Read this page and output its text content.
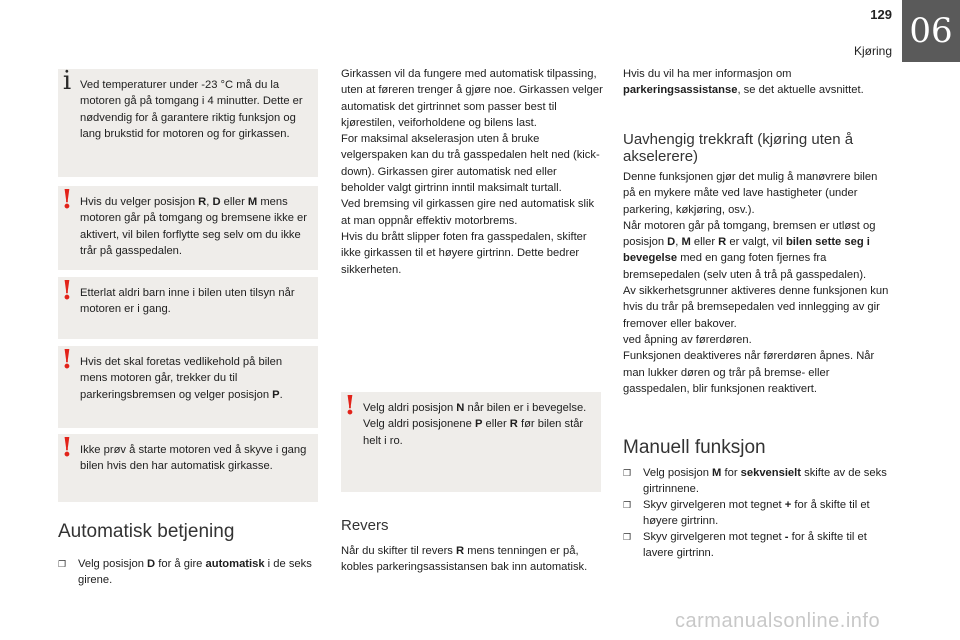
129
Kjøring 06
i Ved temperaturer under -23 °C må du la motoren gå på tomgang i 4 minutter. Dette er nødvendig for å garantere riktig funksjon og lang brukstid for motoren og for girkassen.
! Hvis du velger posisjon R, D eller M mens motoren går på tomgang og bremsene ikke er aktivert, vil bilen forflytte seg selv om du ikke trår på gasspedalen.
! Etterlat aldri barn inne i bilen uten tilsyn når motoren er i gang.
! Hvis det skal foretas vedlikehold på bilen mens motoren går, trekker du til parkeringsbremsen og velger posisjon P.
! Ikke prøv å starte motoren ved å skyve i gang bilen hvis den har automatisk girkasse.
Automatisk betjening
❒ Velg posisjon D for å gire automatisk i de seks girene.
Girkassen vil da fungere med automatisk tilpassing, uten at føreren trenger å gjøre noe. Girkassen velger automatisk det girtrinnet som passer best til kjørestilen, veiforholdene og bilens last.
For maksimal akselerasjon uten å bruke velgerspaken kan du trå gasspedalen helt ned (kick-down). Girkassen girer automatisk ned eller beholder valgt girtrinn inntil maksimalt turtall.
Ved bremsing vil girkassen gire ned automatisk slik at man oppnår effektiv motorbrems.
Hvis du brått slipper foten fra gasspedalen, skifter ikke girkassen til et høyere girtrinn. Dette bedrer sikkerheten.
! Velg aldri posisjon N når bilen er i bevegelse.
Velg aldri posisjonene P eller R før bilen står helt i ro.
Revers
Når du skifter til revers R mens tenningen er på, kobles parkeringsassistansen bak inn automatisk.
Hvis du vil ha mer informasjon om parkeringsassistanse, se det aktuelle avsnittet.
Uavhengig trekkraft (kjøring uten å akselerere)
Denne funksjonen gjør det mulig å manøvrere bilen på en mykere måte ved lave hastigheter (under parkering, køkjøring, osv.).
Når motoren går på tomgang, bremsen er utløst og posisjon D, M eller R er valgt, vil bilen sette seg i bevegelse med en gang foten fjernes fra bremsepedalen (selv uten å trå på gasspedalen).
Av sikkerhetsgrunner aktiveres denne funksjonen kun hvis du trår på bremsepedalen ved innlegging av gir fremover eller bakover.
ved åpning av førerdøren.
Funksjonen deaktiveres når førerdøren åpnes. Når man lukker døren og trår på bremse- eller gasspedalen, blir funksjonen reaktivert.
Manuell funksjon
❒ Velg posisjon M for sekvensielt skifte av de seks girtrinnene.
❒ Skyv girvelgeren mot tegnet + for å skifte til et høyere girtrinn.
❒ Skyv girvelgeren mot tegnet - for å skifte til et lavere girtrinn.
carmanualsonline.info
